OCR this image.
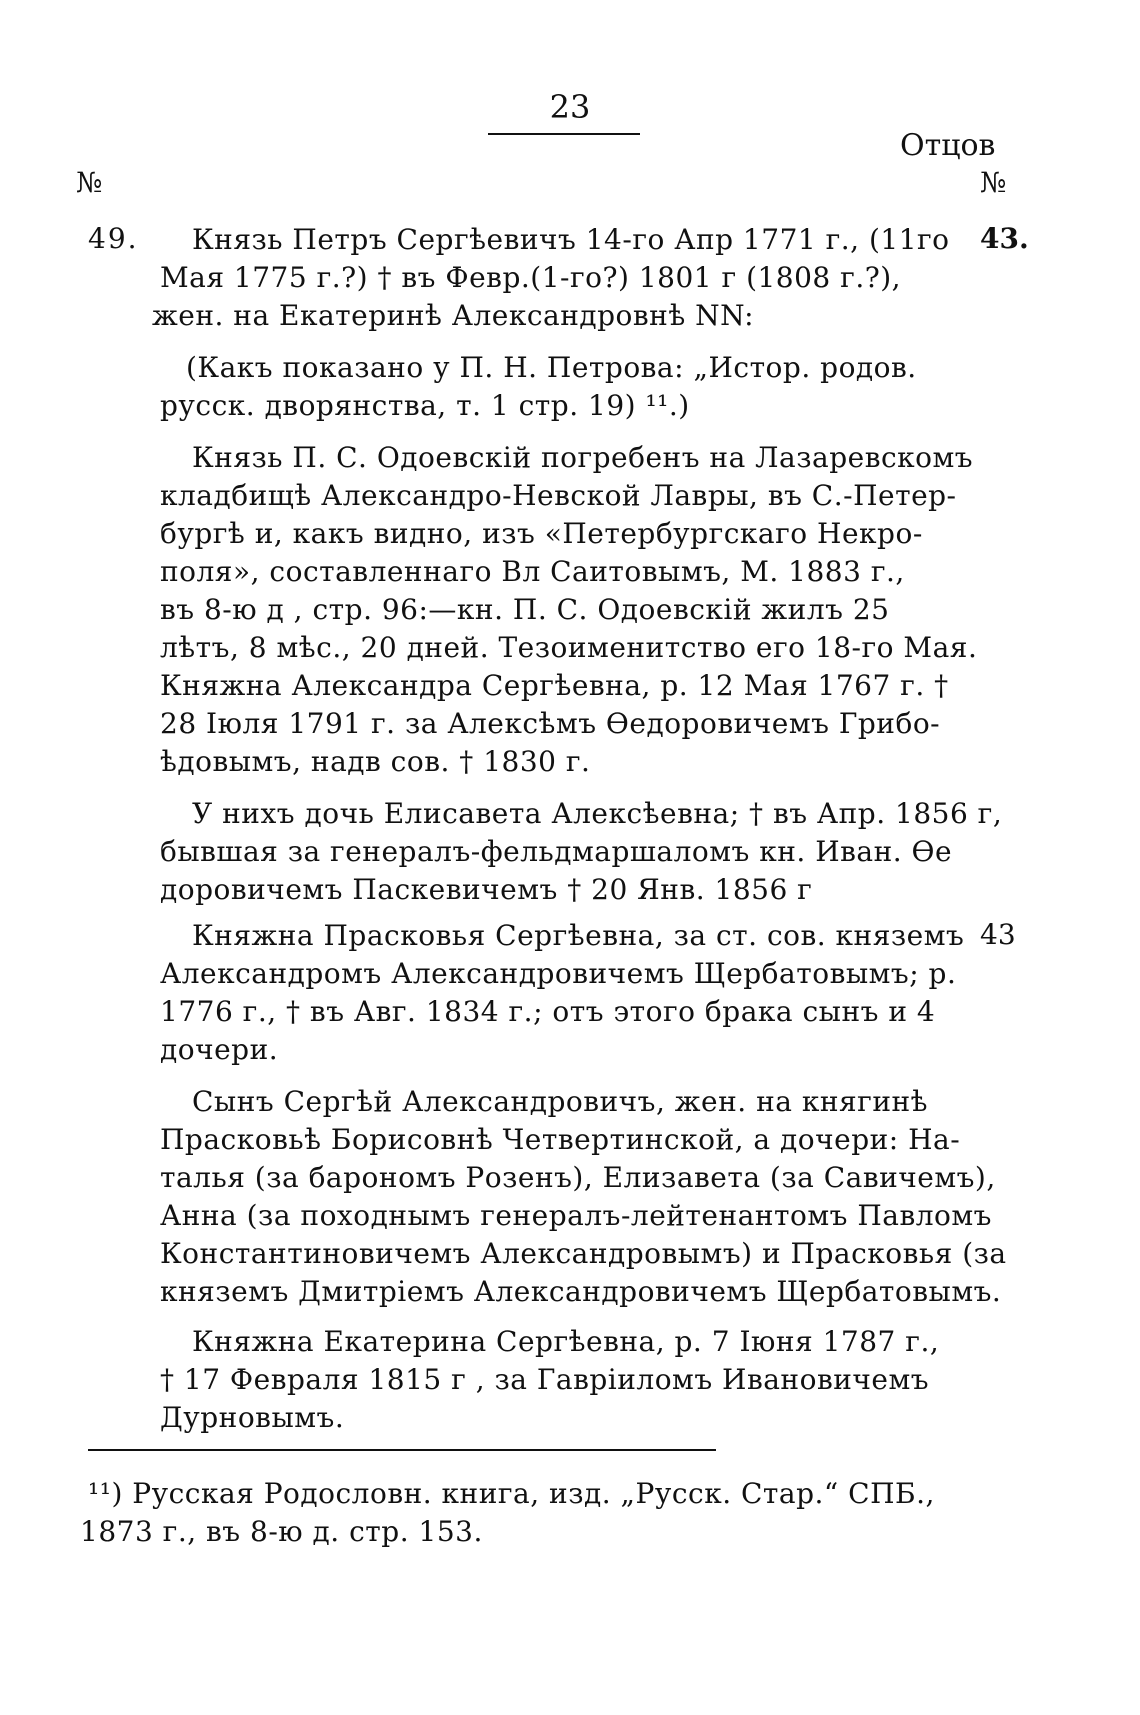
23
Отцов
№	№
49.	43.
43
Князь Петръ Сергѣевичъ 14-го Апр 1771 г., (11го
Мая 1775 г.?) † въ Февр.(1-го?) 1801 г (1808 г.?),
жен. на Екатеринѣ Александровнѣ NN:
(Какъ показано у П. Н. Петрова: „Истор. родов.
русск. дворянства, т. 1 стр. 19) ¹¹.)
Князь П. С. Одоевскій погребенъ на Лазаревскомъ
кладбищѣ Александро-Невской Лавры, въ С.-Петер-
бургѣ и, какъ видно, изъ «Петербургскаго Некро-
поля», составленнаго Вл Саитовымъ, М. 1883 г.,
въ 8-ю д , стр. 96:—кн. П. С. Одоевскій жилъ 25
лѣтъ, 8 мѣс., 20 дней. Тезоименитство его 18-го Мая.
Княжна Александра Сергѣевна, р. 12 Мая 1767 г. †
28 Іюля 1791 г. за Алексѣмъ Ѳедоровичемъ Грибо-
ѣдовымъ, надв сов. † 1830 г.
У нихъ дочь Елисавета Алексѣевна; † въ Апр. 1856 г,
бывшая за генералъ-фельдмаршаломъ кн. Иван. Ѳе
доровичемъ Паскевичемъ † 20 Янв. 1856 г
Княжна Прасковья Сергѣевна, за ст. сов. княземъ
Александромъ Александровичемъ Щербатовымъ; р.
1776 г., † въ Авг. 1834 г.; отъ этого брака сынъ и 4
дочери.
Сынъ Сергѣй Александровичъ, жен. на княгинѣ
Прасковьѣ Борисовнѣ Четвертинской, а дочери: На-
талья (за барономъ Розенъ), Елизавета (за Савичемъ),
Анна (за походнымъ генералъ-лейтенантомъ Павломъ
Константиновичемъ Александровымъ) и Прасковья (за
княземъ Дмитріемъ Александровичемъ Щербатовымъ.
Княжна Екатерина Сергѣевна, р. 7 Іюня 1787 г.,
† 17 Февраля 1815 г , за Гавріиломъ Ивановичемъ
Дурновымъ.
¹¹) Русская Родословн. книга, изд. „Русск. Стар.“ СПБ.,
1873 г., въ 8-ю д. стр. 153.
